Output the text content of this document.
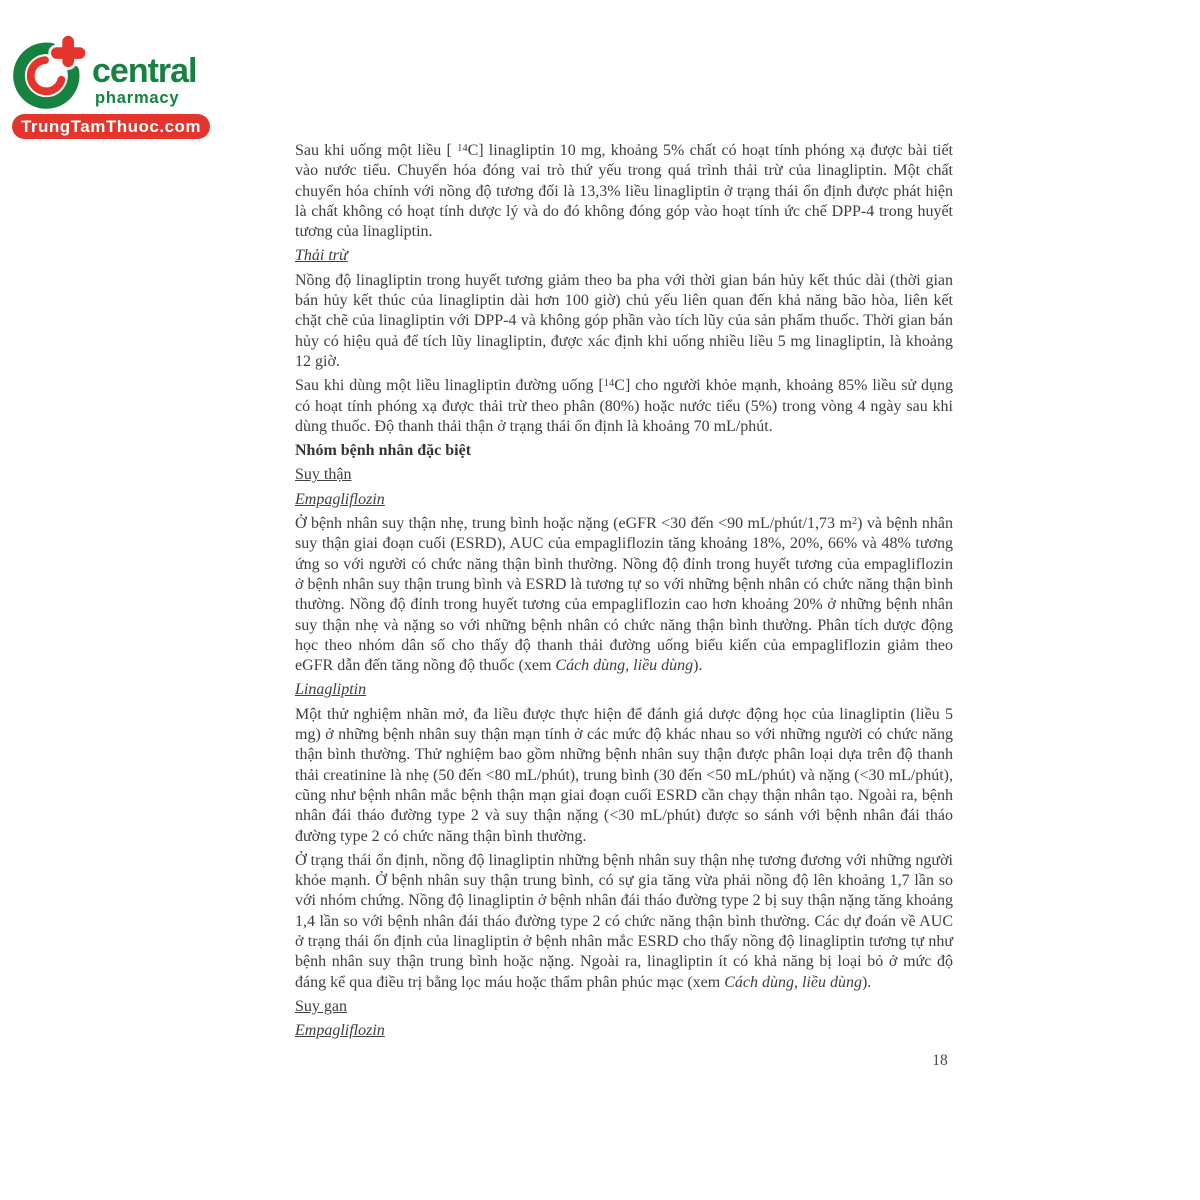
central
pharmacy
TrungTamThuoc.com

Sau khi uống một liều [ $^{14}$C] linagliptin 10 mg, khoảng 5% chất có hoạt tính phóng xạ được bài tiết vào nước tiểu. Chuyển hóa đóng vai trò thứ yếu trong quá trình thải trừ của linagliptin. Một chất chuyển hóa chính với nồng độ tương đối là 13,3% liều linagliptin ở trạng thái ổn định được phát hiện là chất không có hoạt tính dược lý và do đó không đóng góp vào hoạt tính ức chế DPP-4 trong huyết tương của linagliptin.

Thải trừ

Nồng độ linagliptin trong huyết tương giảm theo ba pha với thời gian bán hủy kết thúc dài (thời gian bán hủy kết thúc của linagliptin dài hơn 100 giờ) chủ yếu liên quan đến khả năng bão hòa, liên kết chặt chẽ của linagliptin với DPP-4 và không góp phần vào tích lũy của sản phẩm thuốc. Thời gian bán hủy có hiệu quả để tích lũy linagliptin, được xác định khi uống nhiều liều 5 mg linagliptin, là khoảng 12 giờ.

Sau khi dùng một liều linagliptin đường uống [$^{14}$C] cho người khỏe mạnh, khoảng 85% liều sử dụng có hoạt tính phóng xạ được thải trừ theo phân (80%) hoặc nước tiểu (5%) trong vòng 4 ngày sau khi dùng thuốc. Độ thanh thải thận ở trạng thái ổn định là khoảng 70 mL/phút.

Nhóm bệnh nhân đặc biệt
Suy thận
Empagliflozin

Ở bệnh nhân suy thận nhẹ, trung bình hoặc nặng (eGFR <30 đến <90 mL/phút/1,73 $m^2$) và bệnh nhân suy thận giai đoạn cuối (ESRD), AUC của empagliflozin tăng khoảng 18%, 20%, 66% và 48% tương ứng so với người có chức năng thận bình thường. Nồng độ đỉnh trong huyết tương của empagliflozin ở bệnh nhân suy thận trung bình và ESRD là tương tự so với những bệnh nhân có chức năng thận bình thường. Nồng độ đỉnh trong huyết tương của empagliflozin cao hơn khoảng 20% ở những bệnh nhân suy thận nhẹ và nặng so với những bệnh nhân có chức năng thận bình thường. Phân tích dược động học theo nhóm dân số cho thấy độ thanh thải đường uống biểu kiến của empagliflozin giảm theo eGFR dẫn đến tăng nồng độ thuốc (xem Cách dùng, liều dùng).

Linagliptin

Một thử nghiệm nhãn mở, đa liều được thực hiện để đánh giá dược động học của linagliptin (liều 5 mg) ở những bệnh nhân suy thận mạn tính ở các mức độ khác nhau so với những người có chức năng thận bình thường. Thử nghiệm bao gồm những bệnh nhân suy thận được phân loại dựa trên độ thanh thải creatinine là nhẹ (50 đến <80 mL/phút), trung bình (30 đến <50 mL/phút) và nặng (<30 mL/phút), cũng như bệnh nhân mắc bệnh thận mạn giai đoạn cuối ESRD cần chạy thận nhân tạo. Ngoài ra, bệnh nhân đái tháo đường type 2 và suy thận nặng (<30 mL/phút) được so sánh với bệnh nhân đái tháo đường type 2 có chức năng thận bình thường.

Ở trạng thái ổn định, nồng độ linagliptin những bệnh nhân suy thận nhẹ tương đương với những người khỏe mạnh. Ở bệnh nhân suy thận trung bình, có sự gia tăng vừa phải nồng độ lên khoảng 1,7 lần so với nhóm chứng. Nồng độ linagliptin ở bệnh nhân đái tháo đường type 2 bị suy thận nặng tăng khoảng 1,4 lần so với bệnh nhân đái tháo đường type 2 có chức năng thận bình thường. Các dự đoán về AUC ở trạng thái ổn định của linagliptin ở bệnh nhân mắc ESRD cho thấy nồng độ linagliptin tương tự như bệnh nhân suy thận trung bình hoặc nặng. Ngoài ra, linagliptin ít có khả năng bị loại bỏ ở mức độ đáng kể qua điều trị bằng lọc máu hoặc thẩm phân phúc mạc (xem Cách dùng, liều dùng).

Suy gan
Empagliflozin
18
